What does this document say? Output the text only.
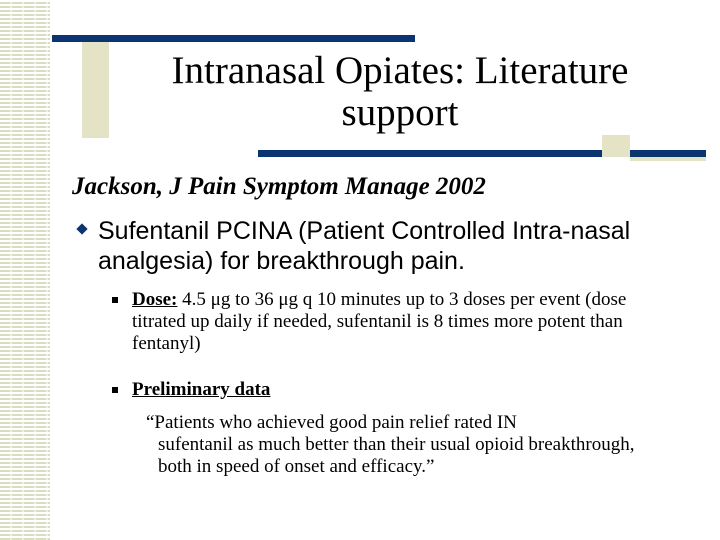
Intranasal Opiates: Literature
support
Jackson, J Pain Symptom Manage 2002
Sufentanil PCINA (Patient Controlled Intra-nasal analgesia) for breakthrough pain.
Dose: 4.5 μg to 36 μg q 10 minutes up to 3 doses per event (dose titrated up daily if needed, sufentanil is 8 times more potent than fentanyl)
Preliminary data
“Patients who achieved good pain relief rated IN
sufentanil as much better than their usual opioid breakthrough, both in speed of onset and efficacy.”
